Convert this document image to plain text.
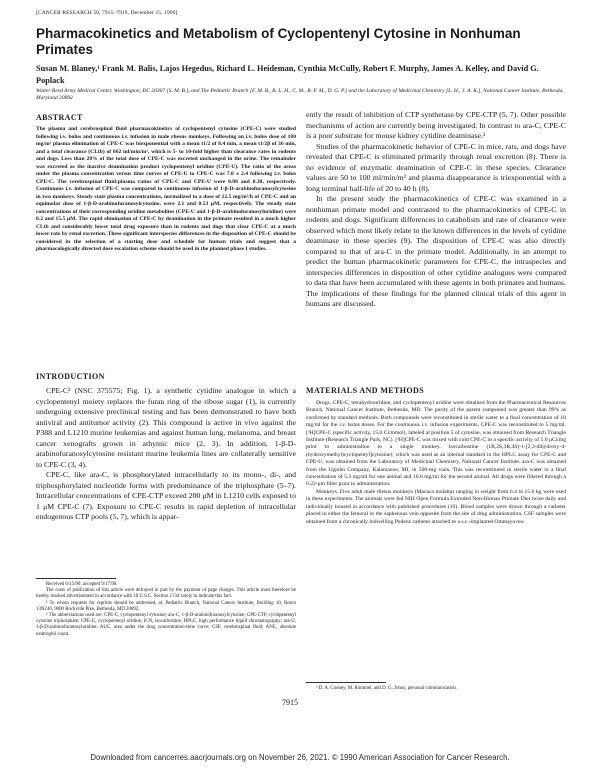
[CANCER RESEARCH 50, 7915–7919, December 15, 1990]
Pharmacokinetics and Metabolism of Cyclopentenyl Cytosine in Nonhuman Primates
Susan M. Blaney,¹ Frank M. Balis, Lajos Hegedus, Richard L. Heideman, Cynthia McCully, Robert F. Murphy, James A. Kelley, and David G. Poplack
Walter Reed Army Medical Center, Washington, DC 20307 [S. M. B.], and The Pediatric Branch [F. M. B., R. L. H., C. M., R. F. M., D. G. P.] and the Laboratory of Medicinal Chemistry [L. H., J. A. K.], National Cancer Institute, Bethesda, Maryland 20892
ABSTRACT

The plasma and cerebrospinal fluid pharmacokinetics of cyclopentenyl cytosine (CPE-C) were studied following i.v. bolus and continuous i.v. infusion in male rhesus monkeys. Following an i.v. bolus dose of 180 mg/m² plasma elimination of CPE-C was biexponential with a mean t1/2 of 8.4 min, a mean t1/2β of 36 min, and a total clearance (CLtb) of 662 ml/min/m², which is 5- to 10-fold higher than clearance rates in rodents and dogs. Less than 20% of the total dose of CPE-C was excreted unchanged in the urine. The remainder was excreted as the inactive deamination product cyclopentenyl uridine (CPE-U). The ratio of the areas under the plasma concentration versus time curves of CPE-U to CPE-C was 7.0 ± 2.4 following i.v. bolus CPE-C. The cerebrospinal fluid:plasma ratios of CPE-C and CPE-U were 0.08 and 0.30, respectively. Continuous i.v. infusion of CPE-C was compared to continuous infusion of 1-β-D-arabinofuranosylcytosine in two monkeys. Steady state plasma concentrations, normalized to a dose of 12.5 mg/m²/h of CPE-C and an equimolar dose of 1-β-D-arabinofuranosylcytosine, were 2.1 and 0.53 μM, respectively. The steady state concentrations of their corresponding uridine metabolites (CPE-U and 1-β-D-arabinofuranosyluridine) were 8.2 and 15.5 μM. The rapid elimination of CPE-C by deamination in the primate resulted in a much higher CLtb and considerably lower total drug exposure than in rodents and dogs that clear CPE-C at a much lower rate by renal excretion. These significant interspecies differences in the disposition of CPE-C should be considered in the selection of a starting dose and schedule for human trials and suggest that a pharmacologically directed dose escalation scheme should be used in the planned phase I studies.

ently the result of inhibition of CTP synthetase by CPE-CTP (5, 7). Other possible mechanisms of action are currently being investigated. In contrast to ara-C, CPE-C is a poor substrate for mouse kidney cytidine deaminase.³

Studies of the pharmacokinetic behavior of CPE-C in mice, rats, and dogs have revealed that CPE-C is eliminated primarily through renal excretion (8). There is no evidence of enzymatic deamination of CPE-C in these species. Clearance values are 50 to 100 ml/min/m² and plasma disappearance is triexponential with a long terminal half-life of 20 to 40 h (8).

In the present study the pharmacokinetics of CPE-C was examined in a nonhuman primate model and contrasted to the pharmacokinetics of CPE-C in rodents and dogs. Significant differences in catabolism and rate of clearance were observed which most likely relate to the known differences in the levels of cytidine deaminase in these species (9). The disposition of CPE-C was also directly compared to that of ara-C in the primate model. Additionally, in an attempt to predict the human pharmacokinetic parameters for CPE-C, the intraspecies and interspecies differences in disposition of other cytidine analogues were compared to data that have been accumulated with these agents in both primates and humans. The implications of these findings for the planned clinical trials of this agent in humans are discussed.

MATERIALS AND METHODS

Drugs. CPE-C, tetrahydrouridine, and cyclopentenyl uridine were obtained from the Pharmaceutical Resources Branch, National Cancer Institute, Bethesda, MD. The purity of the parent compound was greater than 99% as confirmed by standard methods. Both compounds were reconstituted in sterile water to a final concentration of 10 mg/ml for the i.v. bolus doses. For the continuous i.v. infusion experiments, CPE-C was reconstituted to 5 mg/ml. [³H]CPE-C (specific activity, 15.0 Ci/mmol), labeled at position 5 of cytosine, was obtained from Research Triangle Institute (Research Triangle Park, NC). [³H]CPE-C was mixed with cold CPE-C to a specific activity of 5.0 μCi/mg prior to administration to a single monkey. Isocarbostine (1R,2S,3R,4S)-1-[2,3-dihydroxy-4-(hydroxymethyl)cyclopentyl]cytosine), which was used as an internal standard in the HPLC assay for CPE-C and CPE-U, was obtained from the Laboratory of Medicinal Chemistry, National Cancer Institute. ara-C was obtained from the Upjohn Company, Kalamazoo, MI, in 500-mg vials. This was reconstituted in sterile water to a final concentration of 5.3 mg/ml for one animal and 10.6 mg/ml for the second animal. All drugs were filtered through a 0.22-μm filter prior to administration.

Monkeys. Five adult male rhesus monkeys (Macaca mulatta) ranging in weight from 6.4 to 15.6 kg were used in these experiments. The animals were fed NIH Open Formula Extruded Non-Human Primate Diet twice daily and individually housed in accordance with published procedures (10). Blood samples were drawn through a catheter placed in either the femoral or the saphenous vein opposite from the site of drug administration. CSF samples were obtained from a chronically indwelling Pudenz catheter attached to a s.c.-implanted Ommaya res-

INTRODUCTION

CPE-C² (NSC 375575; Fig. 1), a synthetic cytidine analogue in which a cyclopentenyl moiety replaces the furan ring of the ribose sugar (1), is currently undergoing extensive preclinical testing and has been demonstrated to have both antiviral and antitumor activity (2). This compound is active in vivo against the P388 and L1210 murine leukemias and against human lung, melanoma, and breast cancer xenografts grown in athymic mice (2, 3). In addition, 1-β-D-arabinofuranosylcytosine resistant murine leukemia lines are collaterally sensitive to CPE-C (3, 4).

CPE-C, like ara-C, is phosphorylated intracellularly to its mono-, di-, and triphosphorylated nucleotide forms with predominance of the triphosphate (5–7). Intracellular concentrations of CPE-CTP exceed 200 μM in L1210 cells exposed to 1 μM CPE-C (7). Exposure to CPE-C results in rapid depletion of intracellular endogenous CTP pools (5, 7), which is appar-

Received 6/15/90; accepted 9/17/90.

The costs of publication of this article were defrayed in part by the payment of page charges. This article must therefore be hereby marked advertisement in accordance with 18 U.S.C. Section 1734 solely to indicate this fact.

¹ To whom requests for reprints should be addressed, at: Pediatric Branch, National Cancer Institute, Building 10, Room 13N240, 9000 Rockville Pike, Bethesda, MD 20892.

² The abbreviations used are: CPE-C, cyclopentenyl cytosine; ara-C, 1-β-D-arabinofuranosylcytosine; CPE-CTP, cyclopentenyl cytosine triphosphate; CPE-U, cyclopentenyl uridine; ICN, isocarbostine; HPLC, high performance liquid chromatography; ara-U, 1-β-D-arabinofuranosyluridine; AUC, area under the drug concentration-time curve; CSF, cerebrospinal fluid; ANC, absolute neutrophil count.

³ D. A. Cooney, M. Rommel, and D. G. Johns, personal communication.

7915
Downloaded from cancerres.aacrjournals.org on November 26, 2021. © 1990 American Association for Cancer Research.
